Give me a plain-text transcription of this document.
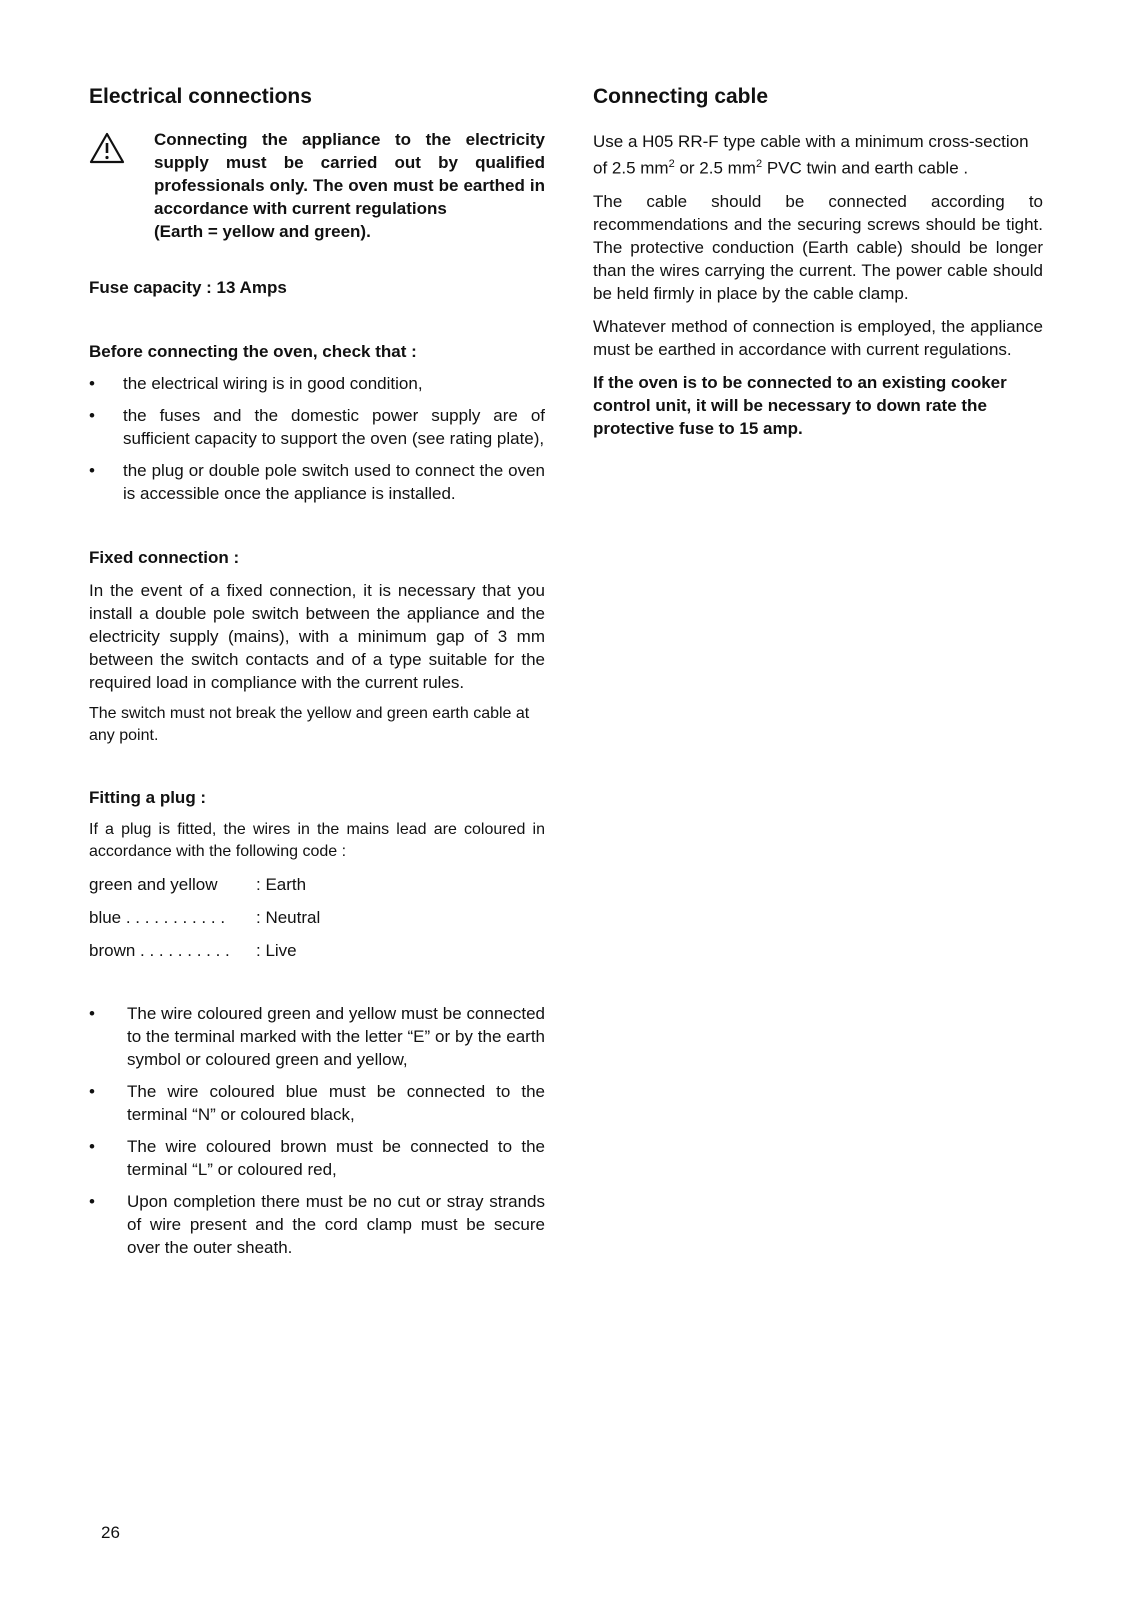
Electrical connections

Connecting the appliance to the electricity supply must be carried out by qualified professionals only. The oven must be earthed in accordance with current regulations

(Earth = yellow and green).

Fuse capacity : 13 Amps

Before connecting the oven, check that :

• the electrical wiring is in good condition,
• the fuses and the domestic power supply are of sufficient capacity to support the oven (see rating plate),
• the plug or double pole switch used to connect the oven is accessible once the appliance is installed.

Fixed connection :

In the event of a fixed connection, it is necessary that you install a double pole switch between the appliance and the electricity supply (mains), with a minimum gap of 3 mm between the switch contacts and of a type suitable for the required load in compliance with the current rules.

The switch must not break the yellow and green earth cable at any point.

Fitting a plug :

If a plug is fitted, the wires in the mains lead are coloured in accordance with the following code :

green and yellow : Earth
blue . . . . . . . . . . . : Neutral
brown . . . . . . . . . . : Live
• The wire coloured green and yellow must be connected to the terminal marked with the letter “E” or by the earth symbol or coloured green and yellow,
• The wire coloured blue must be connected to the terminal “N” or coloured black,
• The wire coloured brown must be connected to the terminal “L” or coloured red,
• Upon completion there must be no cut or stray strands of wire present and the cord clamp must be secure over the outer sheath.
Connecting cable

Use a H05 RR-F type cable with a minimum cross-section of 2.5 $mm^2$ or 2.5 $mm^2$ PVC twin and earth cable .

The cable should be connected according to recommendations and the securing screws should be tight. The protective conduction (Earth cable) should be longer than the wires carrying the current. The power cable should be held firmly in place by the cable clamp.

Whatever method of connection is employed, the appliance must be earthed in accordance with current regulations.

If the oven is to be connected to an existing cooker control unit, it will be necessary to down rate the protective fuse to 15 amp.

26
